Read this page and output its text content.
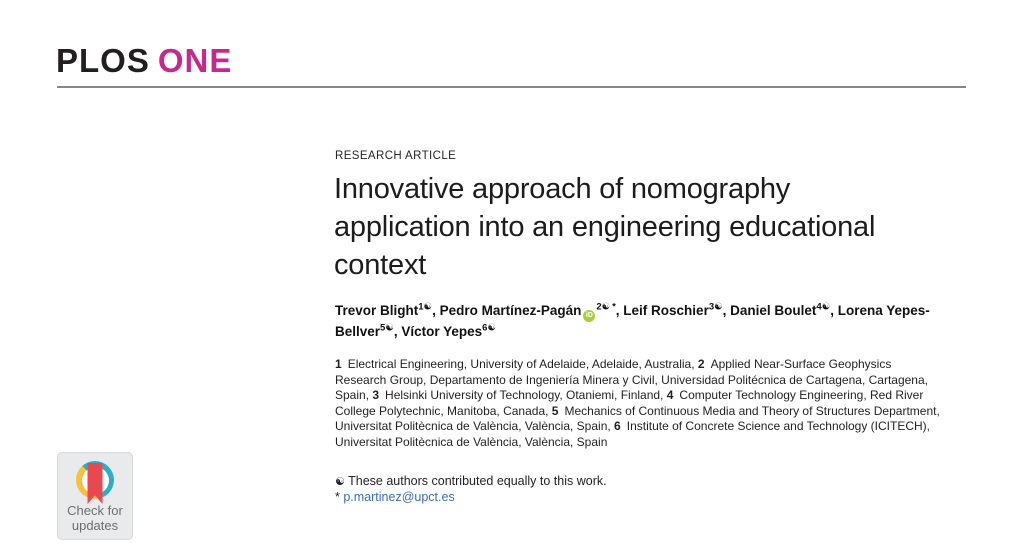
PLOS ONE
RESEARCH ARTICLE
Innovative approach of nomography application into an engineering educational context
Trevor Blight$^{1☯}$, Pedro Martínez-Pagán $iD^{2☯ *}$, Leif Roschier$^{3☯}$, Daniel Boulet$^{4☯}$, Lorena Yepes-Bellver$^{5☯}$, Víctor Yepes$^{6☯}$
1 Electrical Engineering, University of Adelaide, Adelaide, Australia, 2 Applied Near-Surface Geophysics Research Group, Departamento de Ingeniería Minera y Civil, Universidad Politécnica de Cartagena, Cartagena, Spain, 3 Helsinki University of Technology, Otaniemi, Finland, 4 Computer Technology Engineering, Red River College Polytechnic, Manitoba, Canada, 5 Mechanics of Continuous Media and Theory of Structures Department, Universitat Politècnica de València, València, Spain, 6 Institute of Concrete Science and Technology (ICITECH), Universitat Politècnica de València, València, Spain
☯ These authors contributed equally to this work.
* p.martinez@upct.es
Check for
updates
